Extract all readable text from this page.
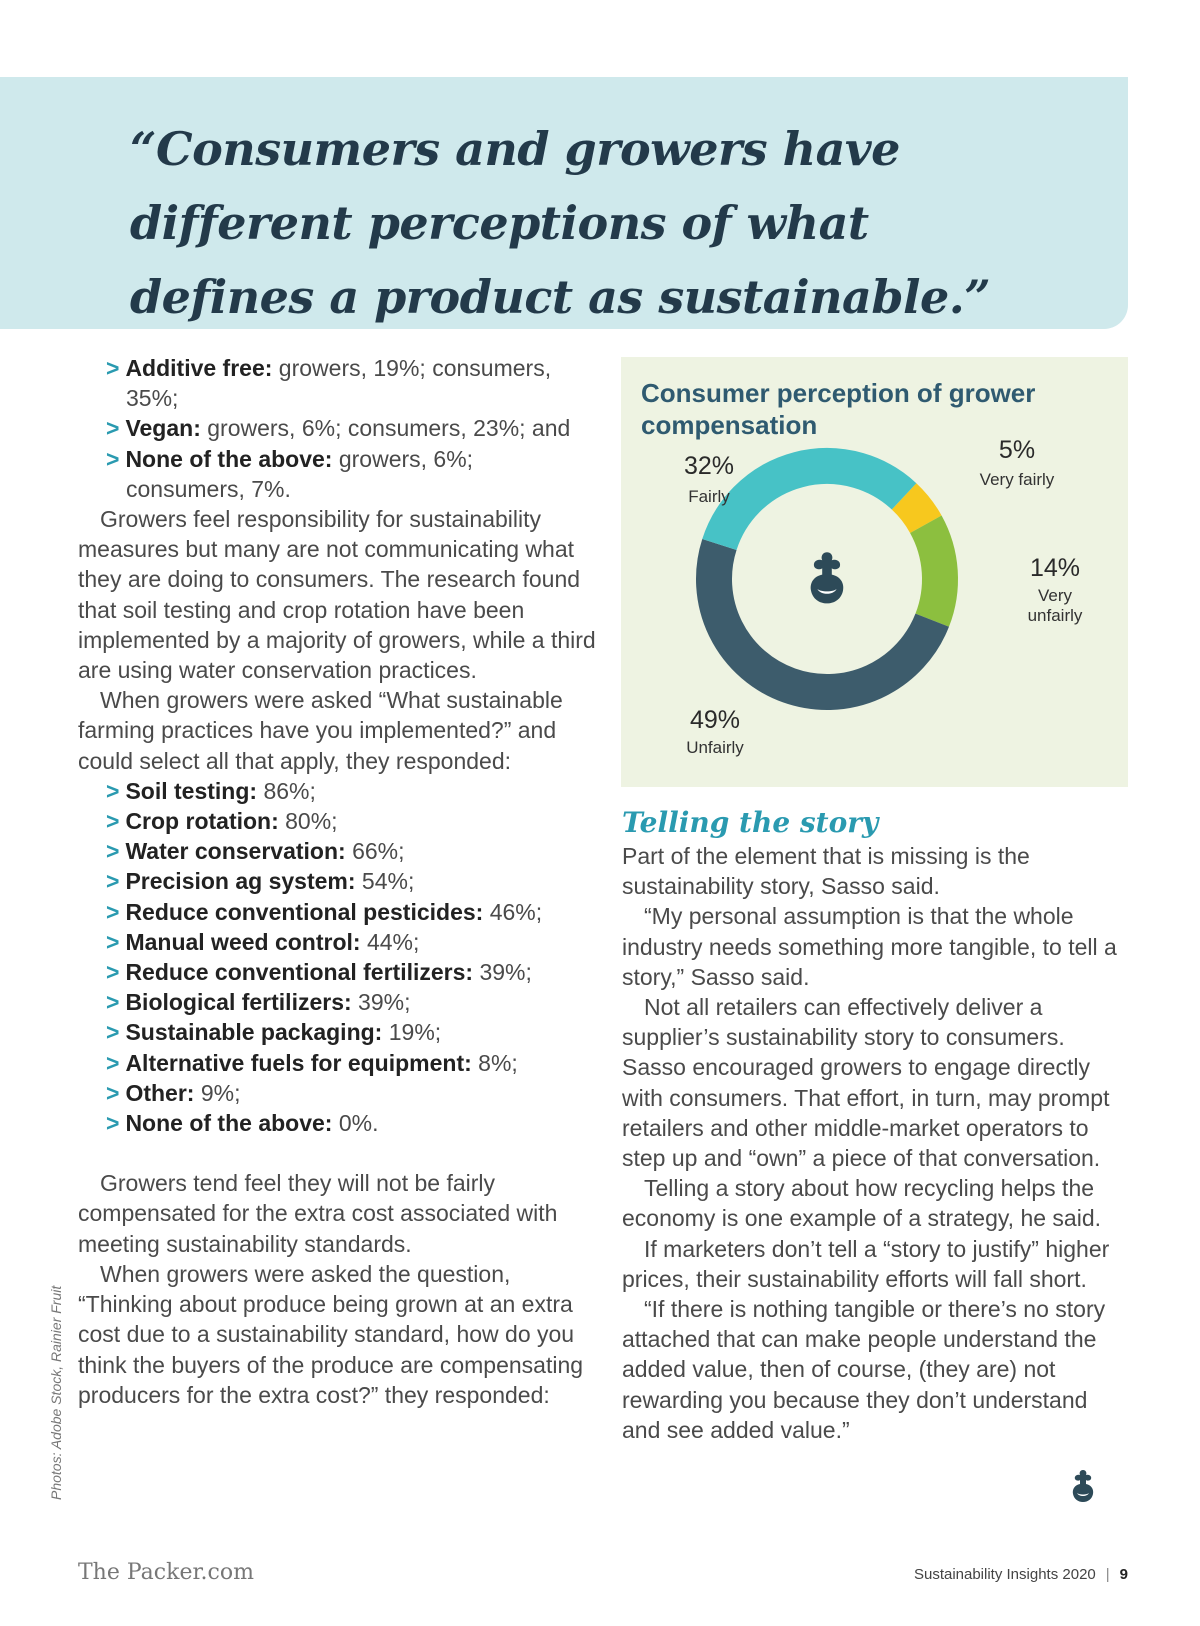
“Consumers and growers have different perceptions of what defines a product as sustainable.”

> Additive free: growers, 19%; consumers, 35%;
> Vegan: growers, 6%; consumers, 23%; and
> None of the above: growers, 6%; consumers, 7%.

Growers feel responsibility for sustainability measures but many are not communicating what they are doing to consumers. The research found that soil testing and crop rotation have been implemented by a majority of growers, while a third are using water conservation practices.

When growers were asked “What sustainable farming practices have you implemented?” and could select all that apply, they responded:

> Soil testing: 86%;
> Crop rotation: 80%;
> Water conservation: 66%;
> Precision ag system: 54%;
> Reduce conventional pesticides: 46%;
> Manual weed control: 44%;
> Reduce conventional fertilizers: 39%;
> Biological fertilizers: 39%;
> Sustainable packaging: 19%;
> Alternative fuels for equipment: 8%;
> Other: 9%;
> None of the above: 0%.

Growers tend feel they will not be fairly compensated for the extra cost associated with meeting sustainability standards.

When growers were asked the question, “Thinking about produce being grown at an extra cost due to a sustainability standard, how do you think the buyers of the produce are compensating producers for the extra cost?” they responded:

Consumer perception of grower compensation

5%
Very fairly
14%
Very unfairly
49%
Unfairly
32%
Fairly

Telling the story

Part of the element that is missing is the sustainability story, Sasso said.

“My personal assumption is that the whole industry needs something more tangible, to tell a story,” Sasso said.

Not all retailers can effectively deliver a supplier’s sustainability story to consumers. Sasso encouraged growers to engage directly with consumers. That effort, in turn, may prompt retailers and other middle-market operators to step up and “own” a piece of that conversation.

Telling a story about how recycling helps the economy is one example of a strategy, he said.

If marketers don’t tell a “story to justify” higher prices, their sustainability efforts will fall short.

“If there is nothing tangible or there’s no story attached that can make people understand the added value, then of course, (they are) not rewarding you because they don’t understand and see added value.”

Photos: Adobe Stock, Rainier Fruit
The Packer.com	Sustainability Insights 2020 | 9
